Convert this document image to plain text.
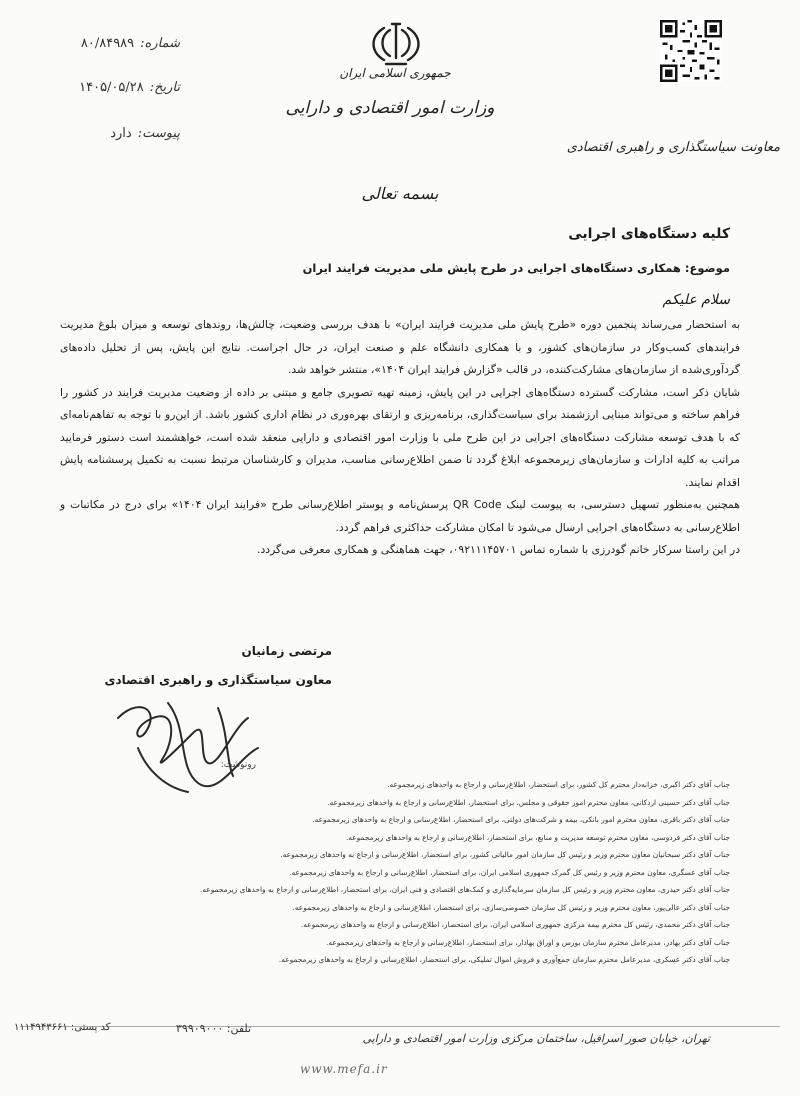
جمهوری اسلامی ایران
وزارت امور اقتصادی و دارایی
معاونت سیاستگذاری و راهبری اقتصادی
شماره:۸۰/۸۴۹۸۹
تاریخ:۱۴۰۵/۰۵/۲۸
پیوست:دارد
بسمه تعالی
کلیه دستگاه‌های اجرایی
موضوع: همکاری دستگاه‌های اجرایی در طرح پایش ملی مدیریت فرایند ایران
سلام علیکم

به استحضار می‌رساند پنجمین دوره «طرح پایش ملی مدیریت فرایند ایران» با هدف بررسی وضعیت، چالش‌ها، روندهای توسعه و میزان بلوغ مدیریت فرایندهای کسب‌وکار در سازمان‌های کشور، و با همکاری دانشگاه علم و صنعت ایران، در حال اجراست. نتایج این پایش، پس از تحلیل داده‌های گردآوری‌شده از سازمان‌های مشارکت‌کننده، در قالب «گزارش فرایند ایران ۱۴۰۴»، منتشر خواهد شد.

شایان ذکر است، مشارکت گسترده دستگاه‌های اجرایی در این پایش، زمینه تهیه تصویری جامع و مبتنی بر داده از وضعیت مدیریت فرایند در کشور را فراهم ساخته و می‌تواند مبنایی ارزشمند برای سیاست‌گذاری، برنامه‌ریزی و ارتقای بهره‌وری در نظام اداری کشور باشد. از این‌رو با توجه به تفاهم‌نامه‌ای که با هدف توسعه مشارکت دستگاه‌های اجرایی در این طرح ملی با وزارت امور اقتصادی و دارایی منعقد شده است، خواهشمند است دستور فرمایید مراتب به کلیه ادارات و سازمان‌های زیرمجموعه ابلاغ گردد تا ضمن اطلاع‌رسانی مناسب، مدیران و کارشناسان مرتبط نسبت به تکمیل پرسشنامه پایش اقدام نمایند.

همچنین به‌منظور تسهیل دسترسی، به پیوست لینک QR Code پرسش‌نامه و پوستر اطلاع‌رسانی طرح «فرایند ایران ۱۴۰۴» برای درج در مکاتبات و اطلاع‌رسانی به دستگاه‌های اجرایی ارسال می‌شود تا امکان مشارکت حداکثری فراهم گردد.

در این راستا سرکار خانم گودرزی با شماره تماس ۰۹۲۱۱۱۴۵۷۰۱، جهت هماهنگی و همکاری معرفی می‌گردد.

مرتضی زمانیان
معاون سیاستگذاری و راهبری اقتصادی
رونوشت:
جناب آقای دکتر اکبری، خزانه‌دار محترم کل کشور، برای استحضار، اطلاع‌رسانی و ارجاع به واحدهای زیرمجموعه.
جناب آقای دکتر حسینی اردکانی، معاون محترم امور حقوقی و مجلس، برای استحضار، اطلاع‌رسانی و ارجاع به واحدهای زیرمجموعه.
جناب آقای دکتر باقری، معاون محترم امور بانکی، بیمه و شرکت‌های دولتی، برای استحضار، اطلاع‌رسانی و ارجاع به واحدهای زیرمجموعه.
جناب آقای دکتر فردوسی، معاون محترم توسعه مدیریت و منابع، برای استحضار، اطلاع‌رسانی و ارجاع به واحدهای زیرمجموعه.
جناب آقای دکتر سبحانیان معاون محترم وزیر و رئیس کل سازمان امور مالیاتی کشور، برای استحضار، اطلاع‌رسانی و ارجاع به واحدهای زیرمجموعه.
جناب آقای عسگری، معاون محترم وزیر و رئیس کل گمرک جمهوری اسلامی ایران، برای استحضار، اطلاع‌رسانی و ارجاع به واحدهای زیرمجموعه.
جناب آقای دکتر حیدری، معاون محترم وزیر و رئیس کل سازمان سرمایه‌گذاری و کمک‌های اقتصادی و فنی ایران، برای استحضار، اطلاع‌رسانی و ارجاع به واحدهای زیرمجموعه.
جناب آقای دکتر عالی‌پور، معاون محترم وزیر و رئیس کل سازمان خصوصی‌سازی، برای استحضار، اطلاع‌رسانی و ارجاع به واحدهای زیرمجموعه.
جناب آقای دکتر محمدی، رئیس کل محترم بیمه مرکزی جمهوری اسلامی ایران، برای استحضار، اطلاع‌رسانی و ارجاع به واحدهای زیرمجموعه.
جناب آقای دکتر بهادر، مدیرعامل محترم سازمان بورس و اوراق بهادار، برای استحضار، اطلاع‌رسانی و ارجاع به واحدهای زیرمجموعه.
جناب آقای دکتر عسکری، مدیرعامل محترم سازمان جمع‌آوری و فروش اموال تملیکی، برای استحضار، اطلاع‌رسانی و ارجاع به واحدهای زیرمجموعه.
تهران، خیابان صور اسرافیل، ساختمان مرکزی وزارت امور اقتصادی و دارایی
تلفن: ۳۹۹۰۹۰۰۰
کد پستی: ۱۱۱۴۹۴۳۶۶۱
www.mefa.ir
